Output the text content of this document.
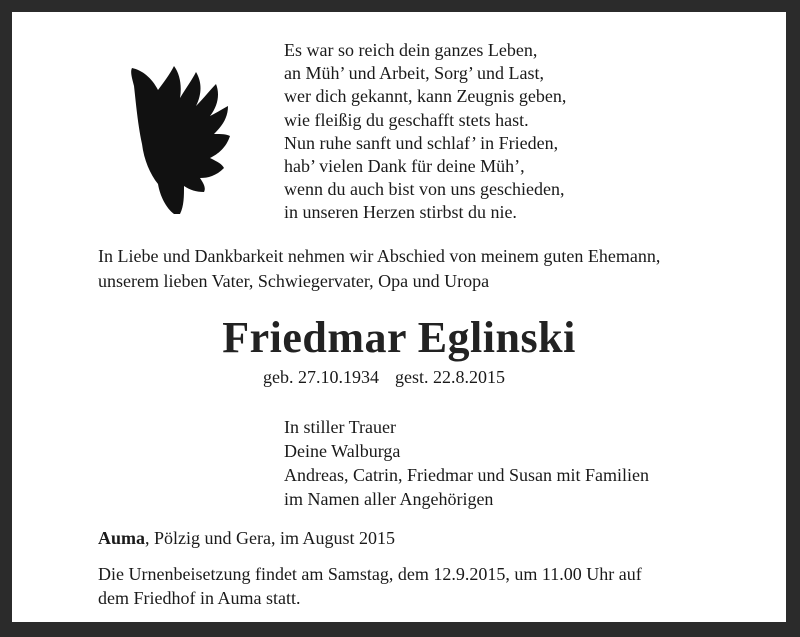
Es war so reich dein ganzes Leben,
an Müh’ und Arbeit, Sorg’ und Last,
wer dich gekannt, kann Zeugnis geben,
wie fleißig du geschafft stets hast.
Nun ruhe sanft und schlaf’ in Frieden,
hab’ vielen Dank für deine Müh’,
wenn du auch bist von uns geschieden,
in unseren Herzen stirbst du nie.
In Liebe und Dankbarkeit nehmen wir Abschied von meinem guten Ehemann,
unserem lieben Vater, Schwiegervater, Opa und Uropa
Friedmar Eglinski
geb. 27.10.1934 gest. 22.8.2015
In stiller Trauer
Deine Walburga
Andreas, Catrin, Friedmar und Susan mit Familien
im Namen aller Angehörigen
Auma, Pölzig und Gera, im August 2015
Die Urnenbeisetzung findet am Samstag, dem 12.9.2015, um 11.00 Uhr auf
dem Friedhof in Auma statt.
